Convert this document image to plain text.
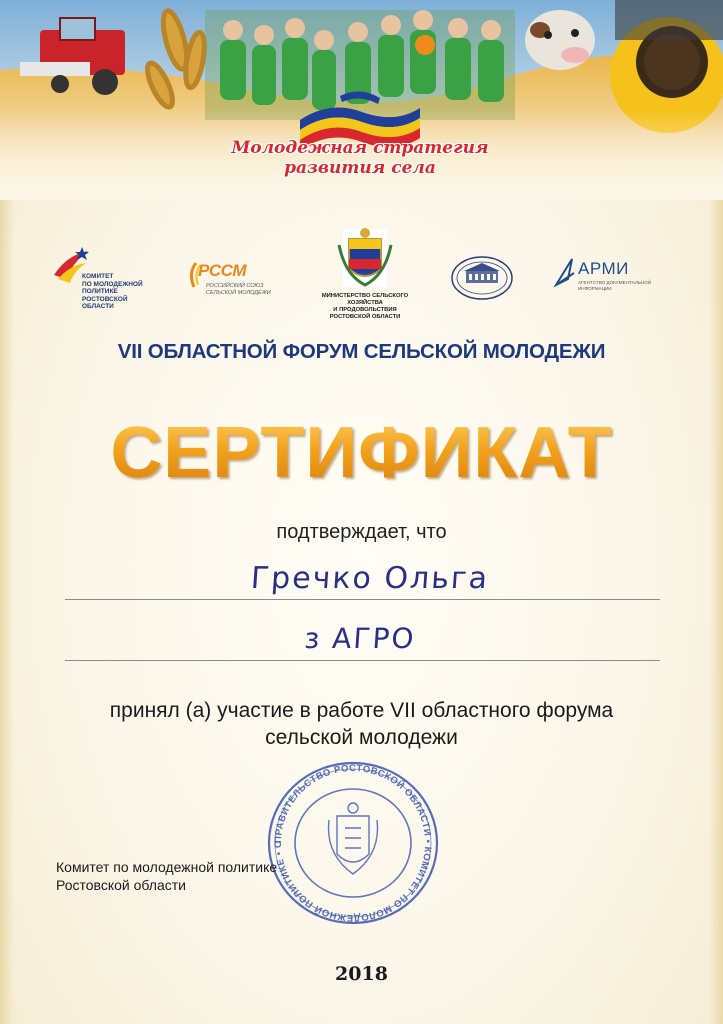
Молодежная стратегия
развития села
КОМИТЕТ
ПО МОЛОДЕЖНОЙ
ПОЛИТИКЕ
РОСТОВСКОЙ
ОБЛАСТИ
РССМ
РОССИЙСКИЙ СОЮЗ
СЕЛЬСКОЙ МОЛОДЕЖИ
МИНИСТЕРСТВО СЕЛЬСКОГО ХОЗЯЙСТВА
И ПРОДОВОЛЬСТВИЯ
РОСТОВСКОЙ ОБЛАСТИ
АРМИ
АГЕНТСТВО ДОКУМЕНТАЛЬНОЙ
ИНФОРМАЦИИ
VII ОБЛАСТНОЙ ФОРУМ СЕЛЬСКОЙ МОЛОДЕЖИ
СЕРТИФИКАТ
подтверждает, что
Гречко Ольга
з АГРО
принял (а) участие в работе VII областного форума
сельской молодежи
ПРАВИТЕЛЬСТВО РОСТОВСКОЙ ОБЛАСТИ • КОМИТЕТ ПО МОЛОДЕЖНОЙ ПОЛИТИКЕ • О
Комитет по молодежной политике
Ростовской области
2018
